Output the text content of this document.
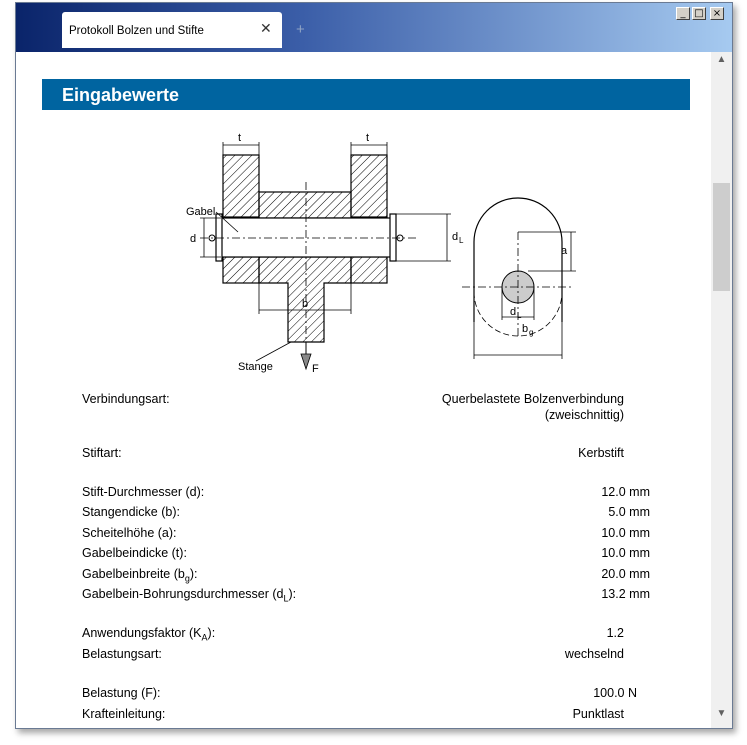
Protokoll Bolzen und Stifte	✕ +
_ □ ×
Eingabewerte
Gabel
Stange
t	t
d	d L
b
F
a
d L
b g
Verbindungsart:	Querbelastete Bolzenverbindung
(zweischnittig)
Stiftart:	Kerbstift
Stift-Durchmesser (d):	12.0 mm
Stangendicke (b):	5.0 mm
Scheitelhöhe (a):	10.0 mm
Gabelbeindicke (t):	10.0 mm
Gabelbeinbreite $(b_g)$:	20.0 mm
Gabelbein-Bohrungsdurchmesser $(d_L)$:	13.2 mm
Anwendungsfaktor $(K_A)$:	1.2
Belastungsart:	wechselnd
Belastung (F):	100.0 N
Krafteinleitung:	Punktlast
▲
▼
